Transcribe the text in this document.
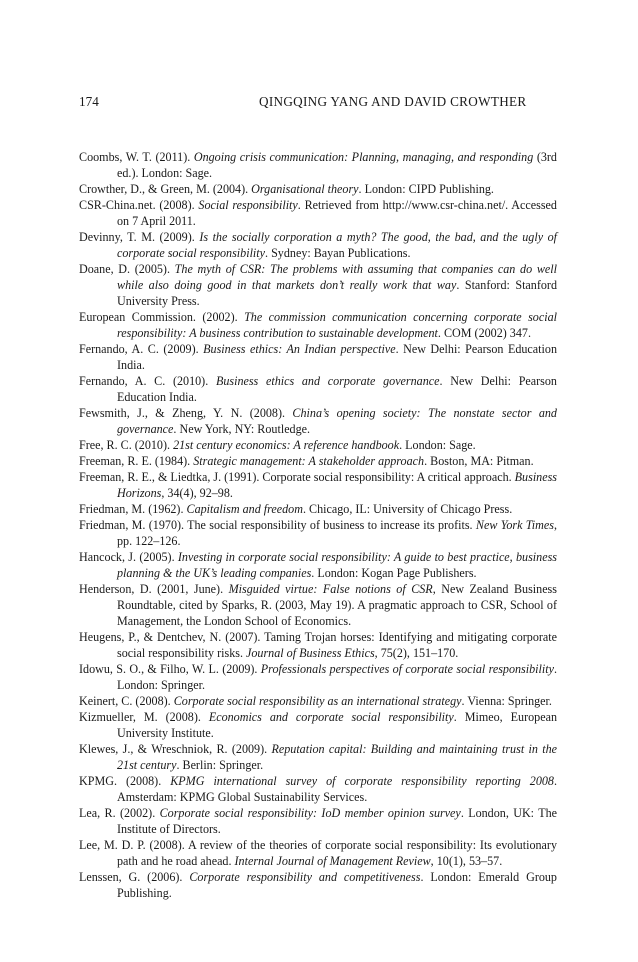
174	QINGQING YANG AND DAVID CROWTHER

Coombs, W. T. (2011). Ongoing crisis communication: Planning, managing, and responding (3rd ed.). London: Sage.

Crowther, D., & Green, M. (2004). Organisational theory. London: CIPD Publishing.

CSR-China.net. (2008). Social responsibility. Retrieved from http://www.csr-china.net/. Accessed on 7 April 2011.

Devinny, T. M. (2009). Is the socially corporation a myth? The good, the bad, and the ugly of corporate social responsibility. Sydney: Bayan Publications.

Doane, D. (2005). The myth of CSR: The problems with assuming that companies can do well while also doing good in that markets don’t really work that way. Stanford: Stanford University Press.

European Commission. (2002). The commission communication concerning corporate social responsibility: A business contribution to sustainable development. COM (2002) 347.

Fernando, A. C. (2009). Business ethics: An Indian perspective. New Delhi: Pearson Education India.

Fernando, A. C. (2010). Business ethics and corporate governance. New Delhi: Pearson Education India.

Fewsmith, J., & Zheng, Y. N. (2008). China’s opening society: The nonstate sector and governance. New York, NY: Routledge.

Free, R. C. (2010). 21st century economics: A reference handbook. London: Sage.

Freeman, R. E. (1984). Strategic management: A stakeholder approach. Boston, MA: Pitman.

Freeman, R. E., & Liedtka, J. (1991). Corporate social responsibility: A critical approach. Business Horizons, 34(4), 92–98.

Friedman, M. (1962). Capitalism and freedom. Chicago, IL: University of Chicago Press.

Friedman, M. (1970). The social responsibility of business to increase its profits. New York Times, pp. 122–126.

Hancock, J. (2005). Investing in corporate social responsibility: A guide to best practice, business planning & the UK’s leading companies. London: Kogan Page Publishers.

Henderson, D. (2001, June). Misguided virtue: False notions of CSR, New Zealand Business Roundtable, cited by Sparks, R. (2003, May 19). A pragmatic approach to CSR, School of Management, the London School of Economics.

Heugens, P., & Dentchev, N. (2007). Taming Trojan horses: Identifying and mitigating corporate social responsibility risks. Journal of Business Ethics, 75(2), 151–170.

Idowu, S. O., & Filho, W. L. (2009). Professionals perspectives of corporate social responsibility. London: Springer.

Keinert, C. (2008). Corporate social responsibility as an international strategy. Vienna: Springer.

Kizmueller, M. (2008). Economics and corporate social responsibility. Mimeo, European University Institute.

Klewes, J., & Wreschniok, R. (2009). Reputation capital: Building and maintaining trust in the 21st century. Berlin: Springer.

KPMG. (2008). KPMG international survey of corporate responsibility reporting 2008. Amsterdam: KPMG Global Sustainability Services.

Lea, R. (2002). Corporate social responsibility: IoD member opinion survey. London, UK: The Institute of Directors.

Lee, M. D. P. (2008). A review of the theories of corporate social responsibility: Its evolutionary path and he road ahead. Internal Journal of Management Review, 10(1), 53–57.

Lenssen, G. (2006). Corporate responsibility and competitiveness. London: Emerald Group Publishing.
